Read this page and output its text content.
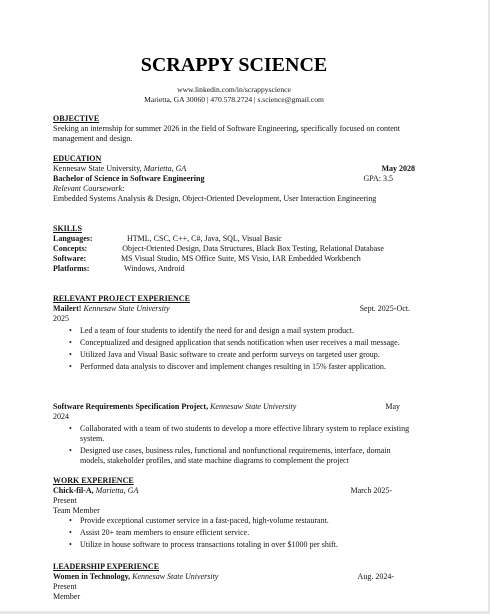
SCRAPPY SCIENCE
www.linkedin.com/in/scrappyscience
Marietta, GA 30060 | 470.578.2724 | s.science@gmail.com
OBJECTIVE
Seeking an internship for summer 2026 in the field of Software Engineering, specifically focused on content management and design.
EDUCATION
Kennesaw State University, Marietta, GA	May 2028
Bachelor of Science in Software Engineering	GPA: 3.5
Relevant Coursework:
Embedded Systems Analysis & Design, Object-Oriented Development, User Interaction Engineering
SKILLS
Languages:	HTML, CSC, C++, C#, Java, SQL, Visual Basic
Concepts:	Object-Oriented Design, Data Structures, Black Box Testing, Relational Database
Software:	MS Visual Studio, MS Office Suite, MS Visio, IAR Embedded Workbench
Platforms:	Windows, Android
RELEVANT PROJECT EXPERIENCE
Mailert! Kennesaw State University	Sept. 2025-Oct.
2025
• Led a team of four students to identify the need for and design a mail system product.
• Conceptualized and designed application that sends notification when user receives a mail message.
• Utilized Java and Visual Basic software to create and perform surveys on targeted user group.
• Performed data analysis to discover and implement changes resulting in 15% faster application.
Software Requirements Specification Project, Kennesaw State University	May
2024
• Collaborated with a team of two students to develop a more effective library system to replace existing system.
• Designed use cases, business rules, functional and nonfunctional requirements, interface, domain models, stakeholder profiles, and state machine diagrams to complement the project
WORK EXPERIENCE
Chick-fil-A, Marietta, GA	March 2025-
Present
Team Member
• Provide exceptional customer service in a fast-paced, high-volume restaurant.
• Assist 20+ team members to ensure efficient service.
• Utilize in house software to process transactions totaling in over $1000 per shift.
LEADERSHIP EXPERIENCE
Women in Technology, Kennesaw State University	Aug. 2024-
Present
Member
